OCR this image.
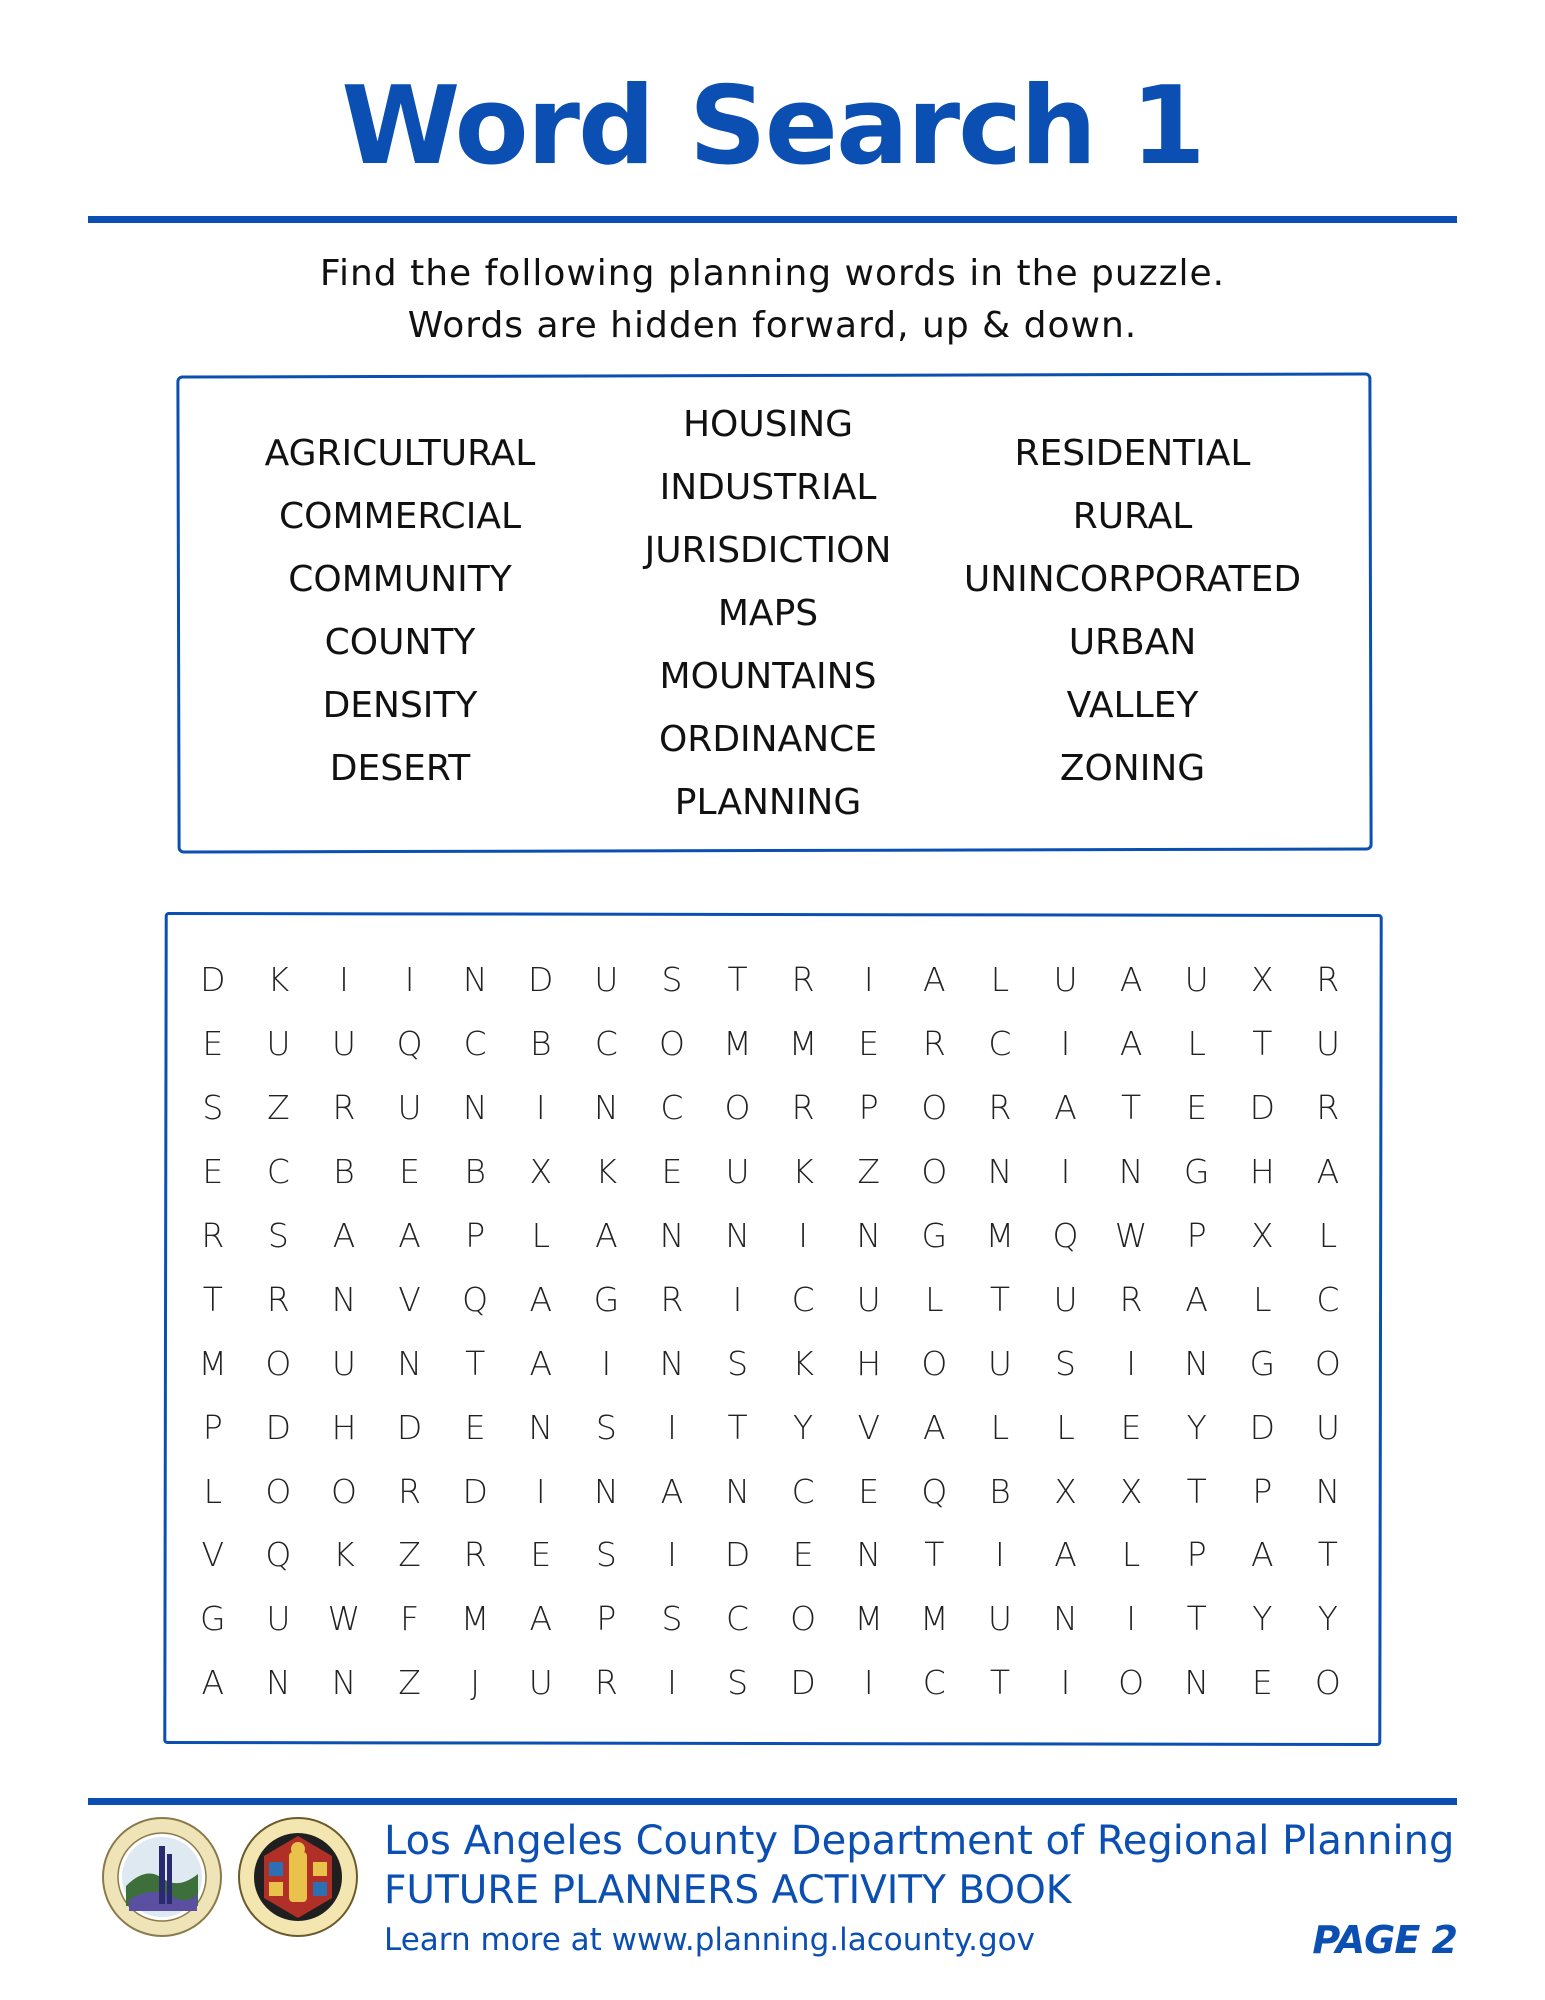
Word Search 1
Find the following planning words in the puzzle.
Words are hidden forward, up & down.
AGRICULTURAL
COMMERCIAL
COMMUNITY
COUNTY
DENSITY
DESERT
HOUSING
INDUSTRIAL
JURISDICTION
MAPS
MOUNTAINS
ORDINANCE
PLANNING
RESIDENTIAL
RURAL
UNINCORPORATED
URBAN
VALLEY
ZONING
D	K	I	I	N	D	U	S	T	R	I	A	L	U	A	U	X	R
E	U	U	Q	C	B	C	O	M	M	E	R	C	I	A	L	T	U
S	Z	R	U	N	I	N	C	O	R	P	O	R	A	T	E	D	R
E	C	B	E	B	X	K	E	U	K	Z	O	N	I	N	G	H	A
R	S	A	A	P	L	A	N	N	I	N	G	M	Q	W	P	X	L
T	R	N	V	Q	A	G	R	I	C	U	L	T	U	R	A	L	C
M	O	U	N	T	A	I	N	S	K	H	O	U	S	I	N	G	O
P	D	H	D	E	N	S	I	T	Y	V	A	L	L	E	Y	D	U
L	O	O	R	D	I	N	A	N	C	E	Q	B	X	X	T	P	N
V	Q	K	Z	R	E	S	I	D	E	N	T	I	A	L	P	A	T
G	U	W	F	M	A	P	S	C	O	M	M	U	N	I	T	Y	Y
A	N	N	Z	J	U	R	I	S	D	I	C	T	I	O	N	E	O
Los Angeles County Department of Regional Planning
FUTURE PLANNERS ACTIVITY BOOK
Learn more at www.planning.lacounty.gov	PAGE 2
